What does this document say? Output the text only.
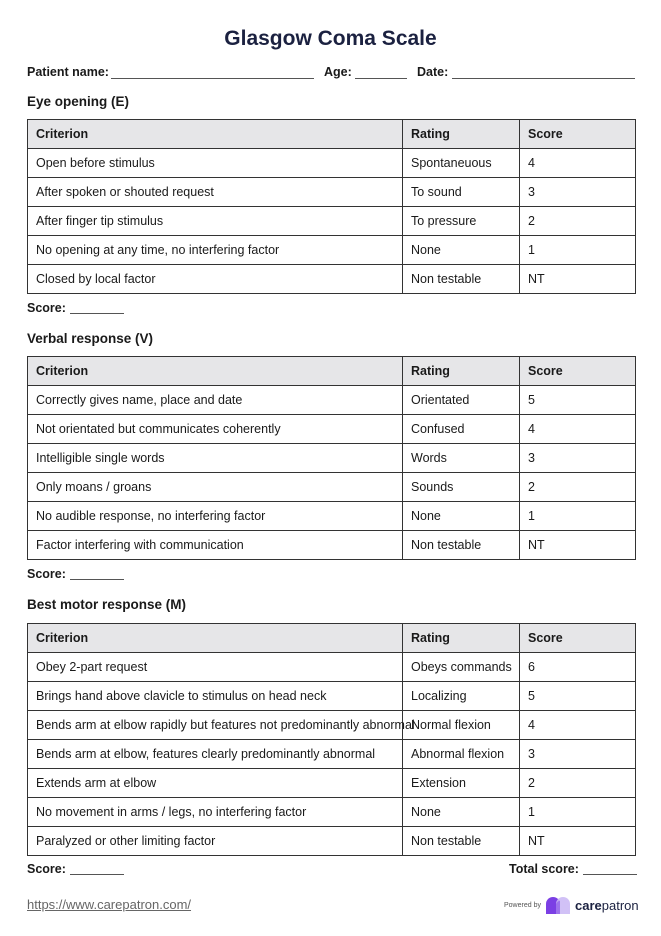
Glasgow Coma Scale
Patient name:	Age:	Date:
Eye opening (E)
Criterion	Rating	Score
Open before stimulus	Spontaneuous	4
After spoken or shouted request	To sound	3
After finger tip stimulus	To pressure	2
No opening at any time, no interfering factor	None	1
Closed by local factor	Non testable	NT
Score:
Verbal response (V)
Criterion	Rating	Score
Correctly gives name, place and date	Orientated	5
Not orientated but communicates coherently	Confused	4
Intelligible single words	Words	3
Only moans / groans	Sounds	2
No audible response, no interfering factor	None	1
Factor interfering with communication	Non testable	NT
Score:
Best motor response (M)
Criterion	Rating	Score
Obey 2-part request	Obeys commands	6
Brings hand above clavicle to stimulus on head neck	Localizing	5
Bends arm at elbow rapidly but features not predominantly abnormal	Normal flexion	4
Bends arm at elbow, features clearly predominantly abnormal	Abnormal flexion	3
Extends arm at elbow	Extension	2
No movement in arms / legs, no interfering factor	None	1
Paralyzed or other limiting factor	Non testable	NT
Score:	Total score:
https://www.carepatron.com/	Powered by	carepatron
